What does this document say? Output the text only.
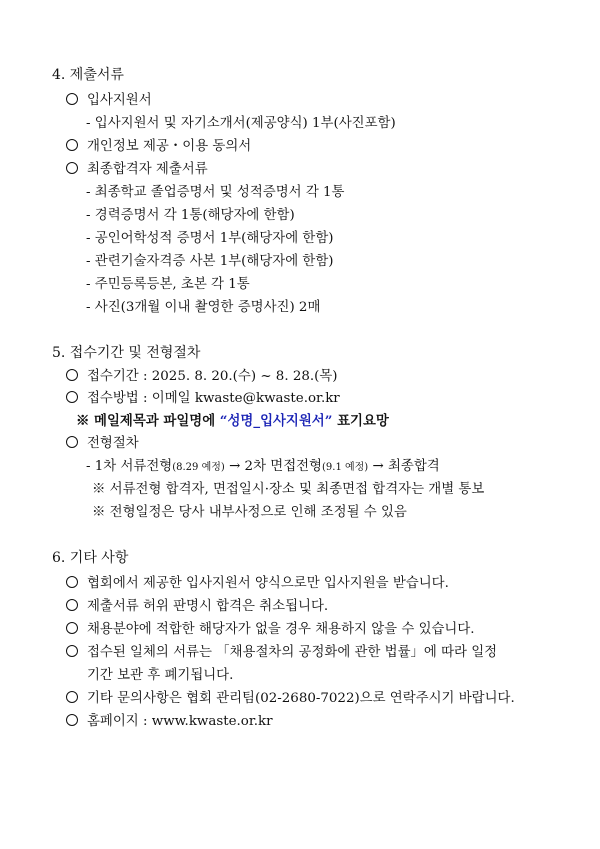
4. 제출서류
입사지원서
- 입사지원서 및 자기소개서(제공양식) 1부(사진포함)
개인정보 제공・이용 동의서
최종합격자 제출서류
- 최종학교 졸업증명서 및 성적증명서 각 1통
- 경력증명서 각 1통(해당자에 한함)
- 공인어학성적 증명서 1부(해당자에 한함)
- 관련기술자격증 사본 1부(해당자에 한함)
- 주민등록등본, 초본 각 1통
- 사진(3개월 이내 촬영한 증명사진) 2매
5. 접수기간 및 전형절차
접수기간 : 2025. 8. 20.(수) ~ 8. 28.(목)
접수방법 : 이메일 kwaste@kwaste.or.kr
※ 메일제목과 파일명에 “성명_입사지원서” 표기요망
전형절차
- 1차 서류전형(8.29 예정) → 2차 면접전형(9.1 예정) → 최종합격
※ 서류전형 합격자, 면접일시·장소 및 최종면접 합격자는 개별 통보
※ 전형일정은 당사 내부사정으로 인해 조정될 수 있음
6. 기타 사항
협회에서 제공한 입사지원서 양식으로만 입사지원을 받습니다.
제출서류 허위 판명시 합격은 취소됩니다.
채용분야에 적합한 해당자가 없을 경우 채용하지 않을 수 있습니다.
접수된 일체의 서류는 「채용절차의 공정화에 관한 법률」에 따라 일정
기간 보관 후 폐기됩니다.
기타 문의사항은 협회 관리팀(02-2680-7022)으로 연락주시기 바랍니다.
홈페이지 : www.kwaste.or.kr
